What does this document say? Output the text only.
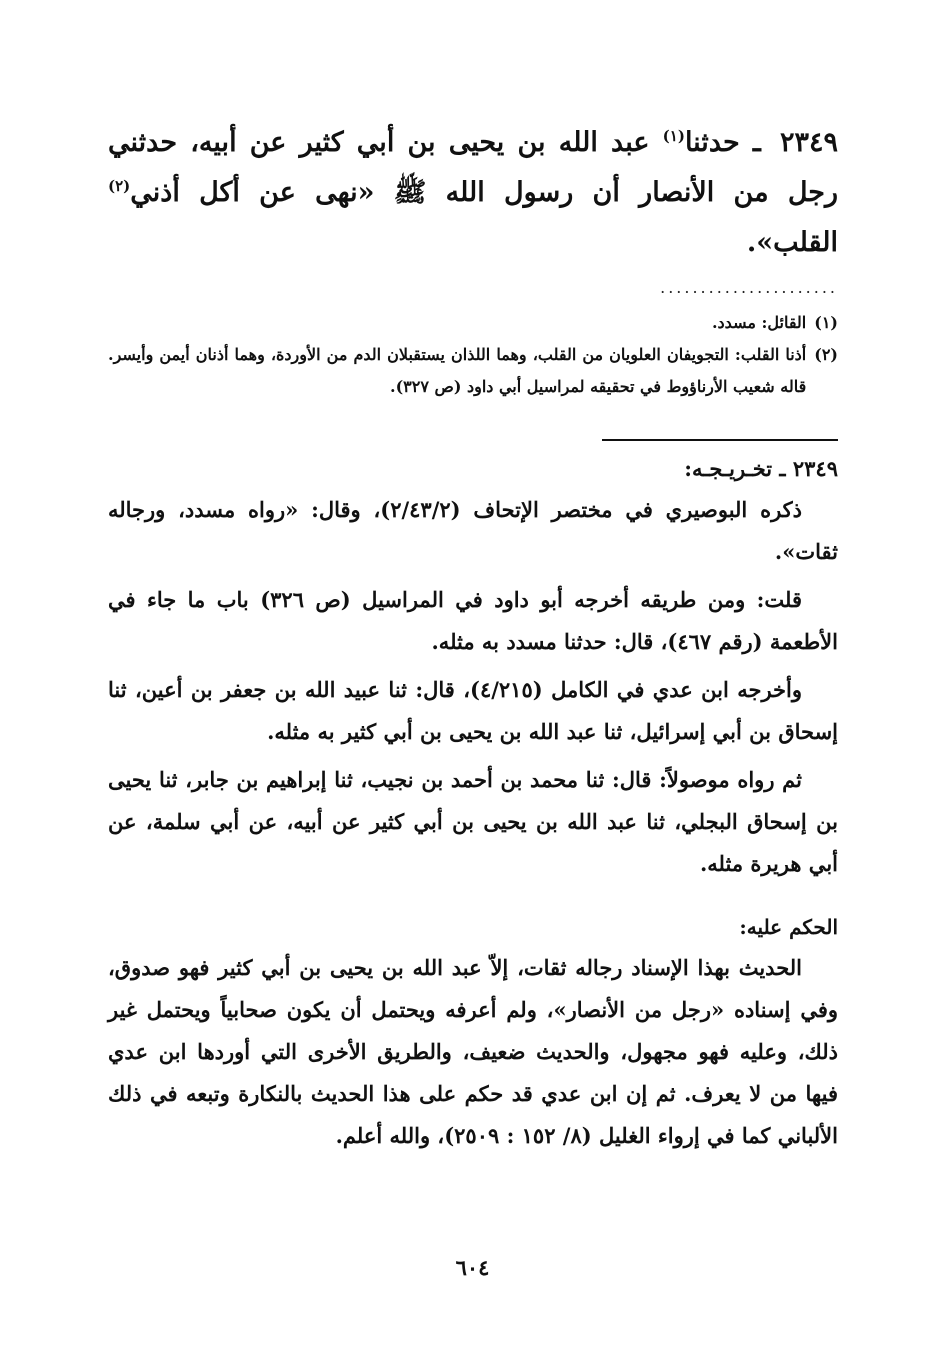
٢٣٤٩ ـ حدثنا$^{(١)}$ عبد الله بن يحيى بن أبي كثير عن أبيه، حدثني رجل من الأنصار أن رسول الله ﷺ «نهى عن أكل أذني$^{(٢)}$ القلب».

......................
(١)
القائل: مسدد.
(٢)
أذنا القلب: التجويفان العلويان من القلب، وهما اللذان يستقبلان الدم من الأوردة، وهما أذنان أيمن وأيسر. قاله شعيب الأرناؤوط في تحقيقه لمراسيل أبي داود (ص ٣٢٧).
٢٣٤٩ ـ تخـريـجـه:

ذكره البوصيري في مختصر الإتحاف (٢/٤٣/٢)، وقال: «رواه مسدد، ورجاله ثقات».

قلت: ومن طريقه أخرجه أبو داود في المراسيل (ص ٣٢٦) باب ما جاء في الأطعمة (رقم ٤٦٧)، قال: حدثنا مسدد به مثله.

وأخرجه ابن عدي في الكامل (٤/٢١٥)، قال: ثنا عبيد الله بن جعفر بن أعين، ثنا إسحاق بن أبي إسرائيل، ثنا عبد الله بن يحيى بن أبي كثير به مثله.

ثم رواه موصولاً: قال: ثنا محمد بن أحمد بن نجيب، ثنا إبراهيم بن جابر، ثنا يحيى بن إسحاق البجلي، ثنا عبد الله بن يحيى بن أبي كثير عن أبيه، عن أبي سلمة، عن أبي هريرة مثله.

الحكم عليه:

الحديث بهذا الإسناد رجاله ثقات، إلاّ عبد الله بن يحيى بن أبي كثير فهو صدوق، وفي إسناده «رجل من الأنصار»، ولم أعرفه ويحتمل أن يكون صحابياً ويحتمل غير ذلك، وعليه فهو مجهول، والحديث ضعيف، والطريق الأخرى التي أوردها ابن عدي فيها من لا يعرف. ثم إن ابن عدي قد حكم على هذا الحديث بالنكارة وتبعه في ذلك الألباني كما في إرواء الغليل (٨/ ١٥٢ : ٢٥٠٩)، والله أعلم.

٦٠٤
